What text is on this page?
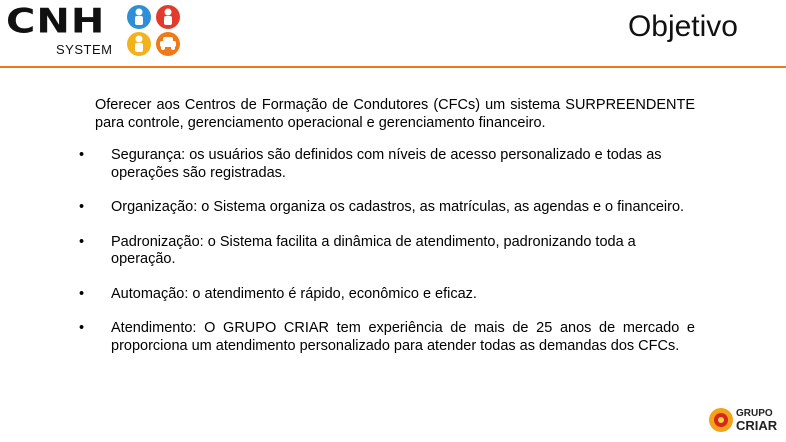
CNH
SYSTEM
Objetivo

Oferecer aos Centros de Formação de Condutores (CFCs) um sistema SURPREENDENTE para controle, gerenciamento operacional e gerenciamento financeiro.

•	Segurança: os usuários são definidos com níveis de acesso personalizado e todas as operações são registradas.
•	Organização: o Sistema organiza os cadastros, as matrículas, as agendas e o financeiro.
•	Padronização: o Sistema facilita a dinâmica de atendimento, padronizando toda a operação.
•	Automação: o atendimento é rápido, econômico e eficaz.
•	Atendimento: O GRUPO CRIAR tem experiência de mais de 25 anos de mercado e proporciona um atendimento personalizado para atender todas as demandas dos CFCs.
GRUPO
CRIAR
